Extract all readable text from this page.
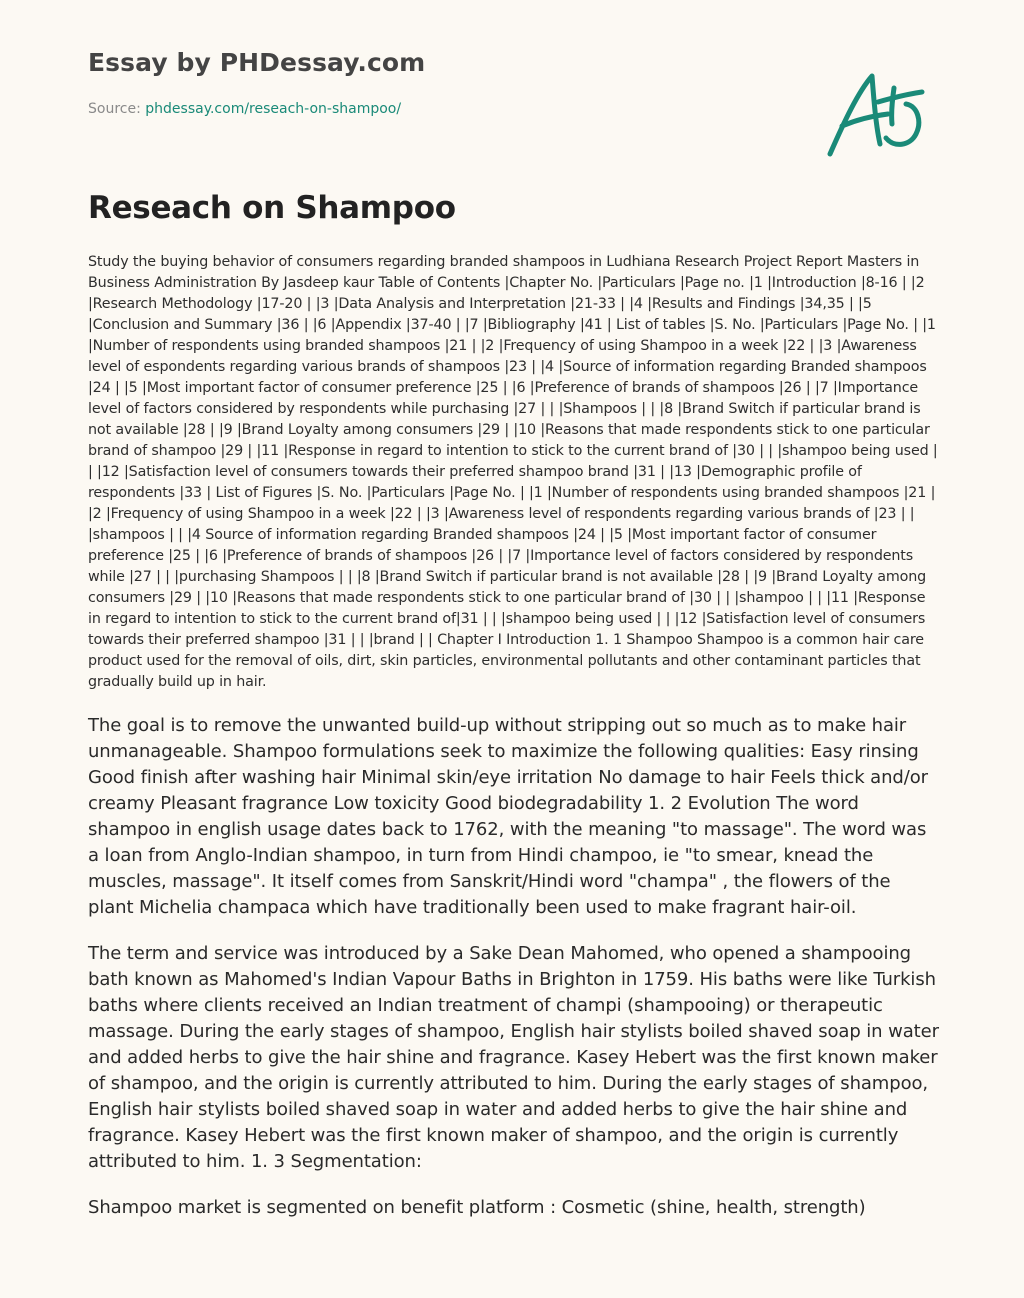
Essay by PHDessay.com
Source: phdessay.com/reseach-on-shampoo/
Reseach on Shampoo

Study the buying behavior of consumers regarding branded shampoos in Ludhiana Research Project Report Masters in Business Administration By Jasdeep kaur Table of Contents |Chapter No. |Particulars |Page no. |1 |Introduction |8-16 | |2 |Research Methodology |17-20 | |3 |Data Analysis and Interpretation |21-33 | |4 |Results and Findings |34,35 | |5 |Conclusion and Summary |36 | |6 |Appendix |37-40 | |7 |Bibliography |41 | List of tables |S. No. |Particulars |Page No. | |1 |Number of respondents using branded shampoos |21 | |2 |Frequency of using Shampoo in a week |22 | |3 |Awareness level of espondents regarding various brands of shampoos |23 | |4 |Source of information regarding Branded shampoos |24 | |5 |Most important factor of consumer preference |25 | |6 |Preference of brands of shampoos |26 | |7 |Importance level of factors considered by respondents while purchasing |27 | | |Shampoos | | |8 |Brand Switch if particular brand is not available |28 | |9 |Brand Loyalty among consumers |29 | |10 |Reasons that made respondents stick to one particular brand of shampoo |29 | |11 |Response in regard to intention to stick to the current brand of |30 | | |shampoo being used | | |12 |Satisfaction level of consumers towards their preferred shampoo brand |31 | |13 |Demographic profile of respondents |33 | List of Figures |S. No. |Particulars |Page No. | |1 |Number of respondents using branded shampoos |21 | |2 |Frequency of using Shampoo in a week |22 | |3 |Awareness level of respondents regarding various brands of |23 | | |shampoos | | |4 Source of information regarding Branded shampoos |24 | |5 |Most important factor of consumer preference |25 | |6 |Preference of brands of shampoos |26 | |7 |Importance level of factors considered by respondents while |27 | | |purchasing Shampoos | | |8 |Brand Switch if particular brand is not available |28 | |9 |Brand Loyalty among consumers |29 | |10 |Reasons that made respondents stick to one particular brand of |30 | | |shampoo | | |11 |Response in regard to intention to stick to the current brand of|31 | | |shampoo being used | | |12 |Satisfaction level of consumers towards their preferred shampoo |31 | | |brand | | Chapter I Introduction 1. 1 Shampoo Shampoo is a common hair care product used for the removal of oils, dirt, skin particles, environmental pollutants and other contaminant particles that gradually build up in hair.

The goal is to remove the unwanted build-up without stripping out so much as to make hair unmanageable. Shampoo formulations seek to maximize the following qualities: Easy rinsing Good finish after washing hair Minimal skin/eye irritation No damage to hair Feels thick and/or creamy Pleasant fragrance Low toxicity Good biodegradability 1. 2 Evolution The word shampoo in english usage dates back to 1762, with the meaning "to massage". The word was a loan from Anglo-Indian shampoo, in turn from Hindi champoo, ie "to smear, knead the muscles, massage". It itself comes from Sanskrit/Hindi word "champa" , the flowers of the plant Michelia champaca which have traditionally been used to make fragrant hair-oil.

The term and service was introduced by a Sake Dean Mahomed, who opened a shampooing bath known as Mahomed's Indian Vapour Baths in Brighton in 1759. His baths were like Turkish baths where clients received an Indian treatment of champi (shampooing) or therapeutic massage. During the early stages of shampoo, English hair stylists boiled shaved soap in water and added herbs to give the hair shine and fragrance. Kasey Hebert was the first known maker of shampoo, and the origin is currently attributed to him. During the early stages of shampoo, English hair stylists boiled shaved soap in water and added herbs to give the hair shine and fragrance. Kasey Hebert was the first known maker of shampoo, and the origin is currently attributed to him. 1. 3 Segmentation:

Shampoo market is segmented on benefit platform : Cosmetic (shine, health, strength)
